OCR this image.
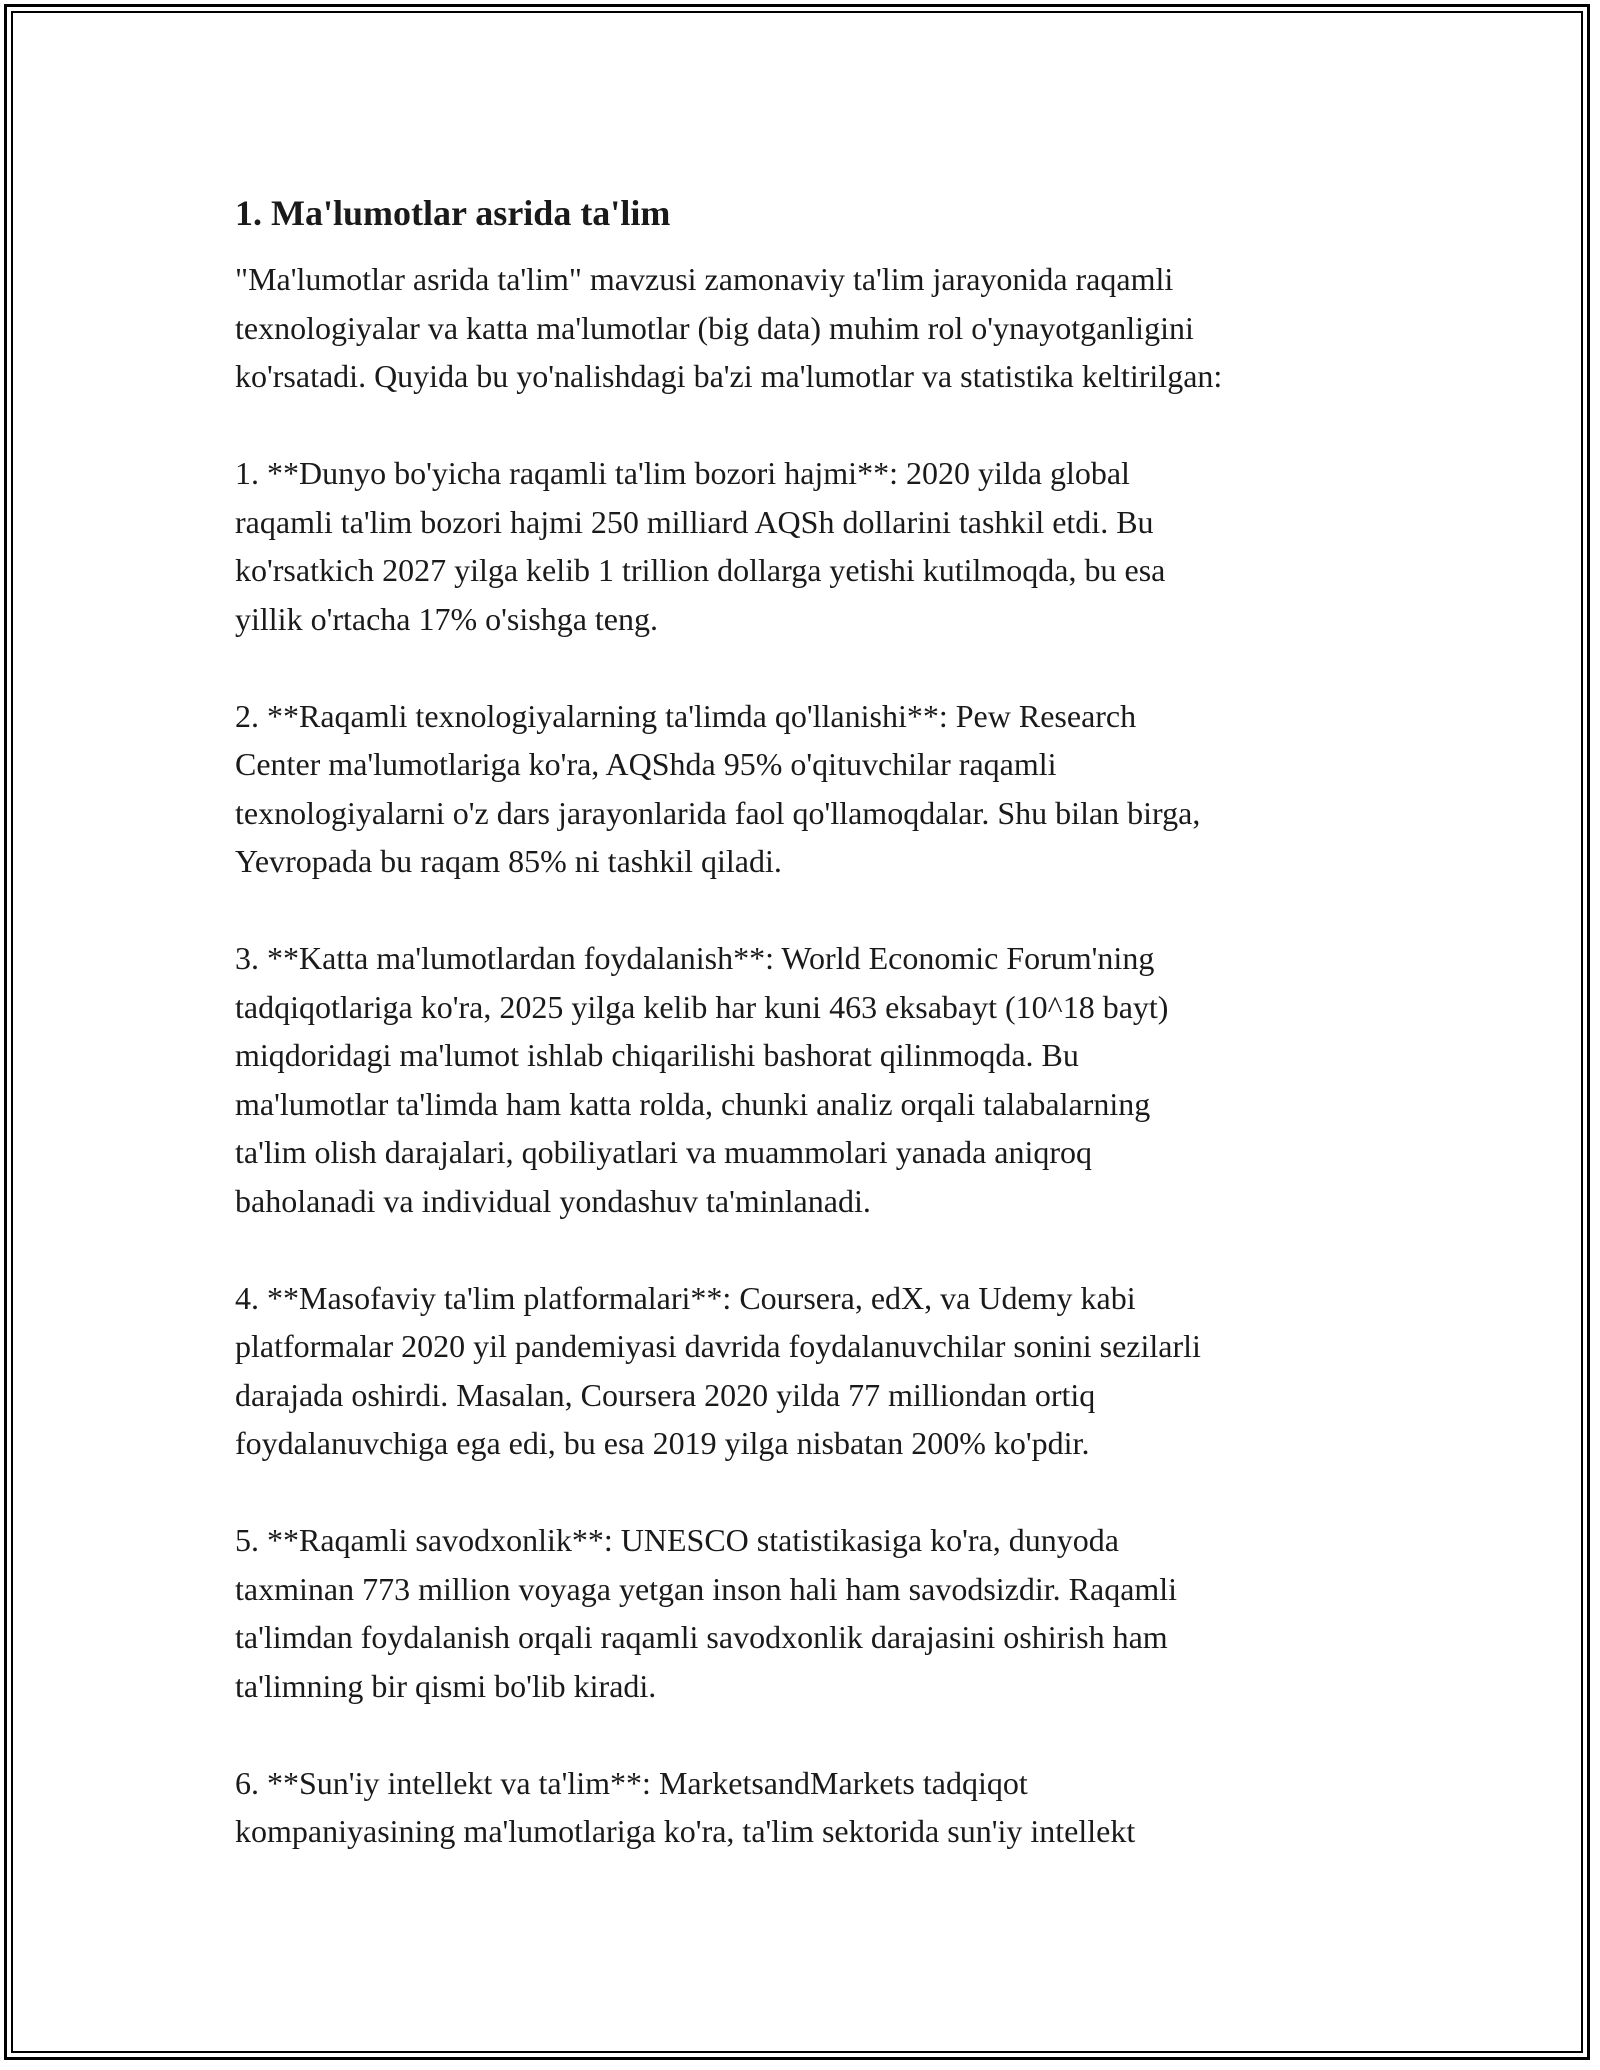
1. Ma'lumotlar asrida ta'lim
"Ma'lumotlar asrida ta'lim" mavzusi zamonaviy ta'lim jarayonida raqamli
texnologiyalar va katta ma'lumotlar (big data) muhim rol o'ynayotganligini
ko'rsatadi. Quyida bu yo'nalishdagi ba'zi ma'lumotlar va statistika keltirilgan:
1. **Dunyo bo'yicha raqamli ta'lim bozori hajmi**: 2020 yilda global
raqamli ta'lim bozori hajmi 250 milliard AQSh dollarini tashkil etdi. Bu
ko'rsatkich 2027 yilga kelib 1 trillion dollarga yetishi kutilmoqda, bu esa
yillik o'rtacha 17% o'sishga teng.
2. **Raqamli texnologiyalarning ta'limda qo'llanishi**: Pew Research
Center ma'lumotlariga ko'ra, AQShda 95% o'qituvchilar raqamli
texnologiyalarni o'z dars jarayonlarida faol qo'llamoqdalar. Shu bilan birga,
Yevropada bu raqam 85% ni tashkil qiladi.
3. **Katta ma'lumotlardan foydalanish**: World Economic Forum'ning
tadqiqotlariga ko'ra, 2025 yilga kelib har kuni 463 eksabayt (10^18 bayt)
miqdoridagi ma'lumot ishlab chiqarilishi bashorat qilinmoqda. Bu
ma'lumotlar ta'limda ham katta rolda, chunki analiz orqali talabalarning
ta'lim olish darajalari, qobiliyatlari va muammolari yanada aniqroq
baholanadi va individual yondashuv ta'minlanadi.
4. **Masofaviy ta'lim platformalari**: Coursera, edX, va Udemy kabi
platformalar 2020 yil pandemiyasi davrida foydalanuvchilar sonini sezilarli
darajada oshirdi. Masalan, Coursera 2020 yilda 77 milliondan ortiq
foydalanuvchiga ega edi, bu esa 2019 yilga nisbatan 200% ko'pdir.
5. **Raqamli savodxonlik**: UNESCO statistikasiga ko'ra, dunyoda
taxminan 773 million voyaga yetgan inson hali ham savodsizdir. Raqamli
ta'limdan foydalanish orqali raqamli savodxonlik darajasini oshirish ham
ta'limning bir qismi bo'lib kiradi.
6. **Sun'iy intellekt va ta'lim**: MarketsandMarkets tadqiqot
kompaniyasining ma'lumotlariga ko'ra, ta'lim sektorida sun'iy intellekt
